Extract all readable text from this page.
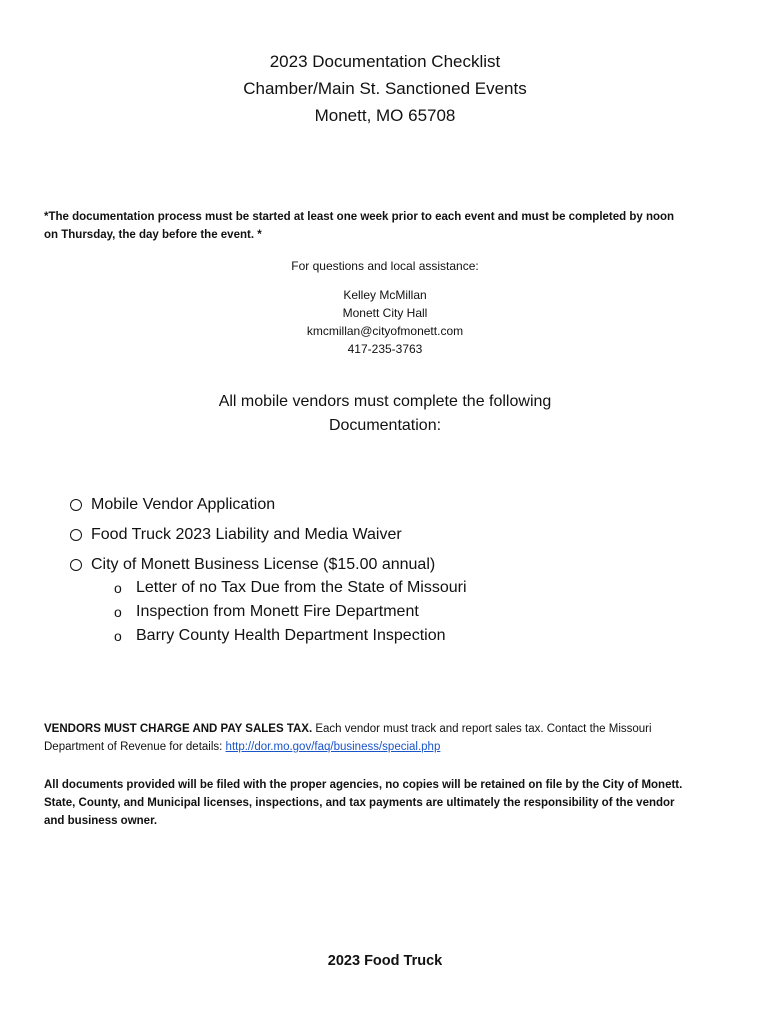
2023 Documentation Checklist
Chamber/Main St. Sanctioned Events
Monett, MO 65708
*The documentation process must be started at least one week prior to each event and must be completed by noon
on Thursday, the day before the event. *
For questions and local assistance:
Kelley McMillan
Monett City Hall
kmcmillan@cityofmonett.com
417-235-3763
All mobile vendors must complete the following
Documentation:
Mobile Vendor Application
Food Truck 2023 Liability and Media Waiver
City of Monett Business License ($15.00 annual)
o Letter of no Tax Due from the State of Missouri
o Inspection from Monett Fire Department
o Barry County Health Department Inspection
VENDORS MUST CHARGE AND PAY SALES TAX. Each vendor must track and report sales tax. Contact the Missouri
Department of Revenue for details: http://dor.mo.gov/faq/business/special.php
All documents provided will be filed with the proper agencies, no copies will be retained on file by the City of Monett.
State, County, and Municipal licenses, inspections, and tax payments are ultimately the responsibility of the vendor
and business owner.
2023 Food Truck
